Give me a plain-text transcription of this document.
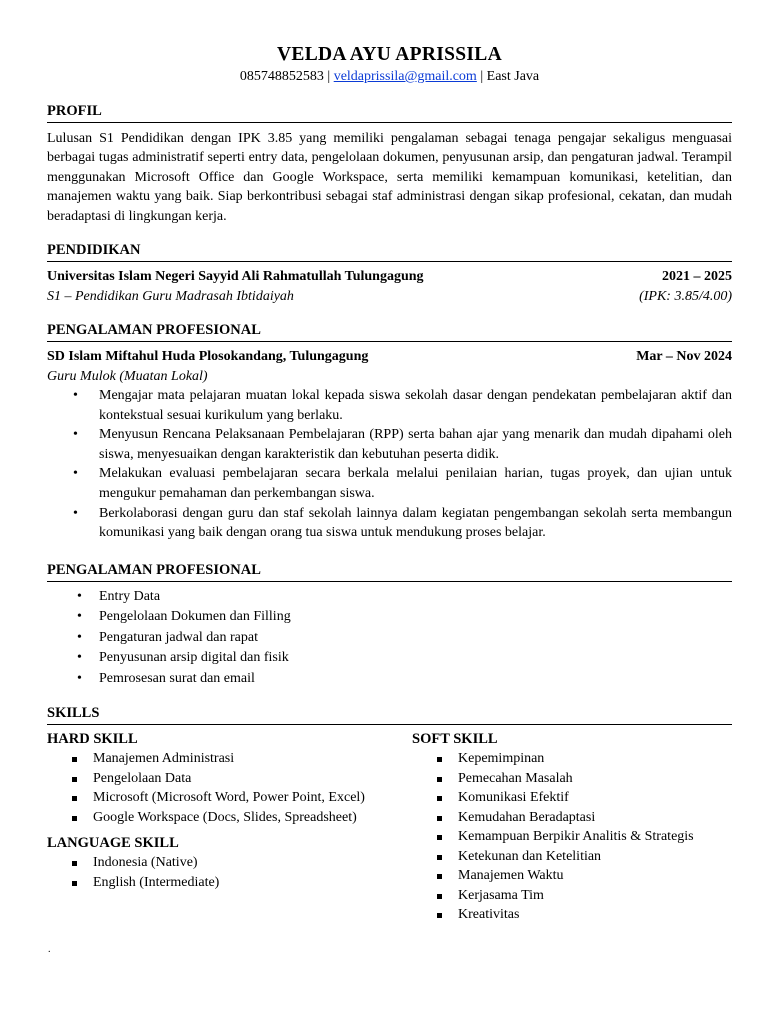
VELDA AYU APRISSILA
085748852583 | veldaprissila@gmail.com | East Java
PROFIL
Lulusan S1 Pendidikan dengan IPK 3.85 yang memiliki pengalaman sebagai tenaga pengajar sekaligus menguasai berbagai tugas administratif seperti entry data, pengelolaan dokumen, penyusunan arsip, dan pengaturan jadwal. Terampil menggunakan Microsoft Office dan Google Workspace, serta memiliki kemampuan komunikasi, ketelitian, dan manajemen waktu yang baik. Siap berkontribusi sebagai staf administrasi dengan sikap profesional, cekatan, dan mudah beradaptasi di lingkungan kerja.
PENDIDIKAN
Universitas Islam Negeri Sayyid Ali Rahmatullah Tulungagung	2021 – 2025
S1 – Pendidikan Guru Madrasah Ibtidaiyah	(IPK: 3.85/4.00)
PENGALAMAN PROFESIONAL
SD Islam Miftahul Huda Plosokandang, Tulungagung	Mar – Nov 2024
Guru Mulok (Muatan Lokal)
• Mengajar mata pelajaran muatan lokal kepada siswa sekolah dasar dengan pendekatan pembelajaran aktif dan kontekstual sesuai kurikulum yang berlaku.
• Menyusun Rencana Pelaksanaan Pembelajaran (RPP) serta bahan ajar yang menarik dan mudah dipahami oleh siswa, menyesuaikan dengan karakteristik dan kebutuhan peserta didik.
• Melakukan evaluasi pembelajaran secara berkala melalui penilaian harian, tugas proyek, dan ujian untuk mengukur pemahaman dan perkembangan siswa.
• Berkolaborasi dengan guru dan staf sekolah lainnya dalam kegiatan pengembangan sekolah serta membangun komunikasi yang baik dengan orang tua siswa untuk mendukung proses belajar.
PENGALAMAN PROFESIONAL
• Entry Data
• Pengelolaan Dokumen dan Filling
• Pengaturan jadwal dan rapat
• Penyusunan arsip digital dan fisik
• Pemrosesan surat dan email
SKILLS
HARD SKILL
Manajemen Administrasi
Pengelolaan Data
Microsoft (Microsoft Word, Power Point, Excel)
Google Workspace (Docs, Slides, Spreadsheet)
LANGUAGE SKILL
Indonesia (Native)
English (Intermediate)
SOFT SKILL
Kepemimpinan
Pemecahan Masalah
Komunikasi Efektif
Kemudahan Beradaptasi
Kemampuan Berpikir Analitis & Strategis
Ketekunan dan Ketelitian
Manajemen Waktu
Kerjasama Tim
Kreativitas
.
